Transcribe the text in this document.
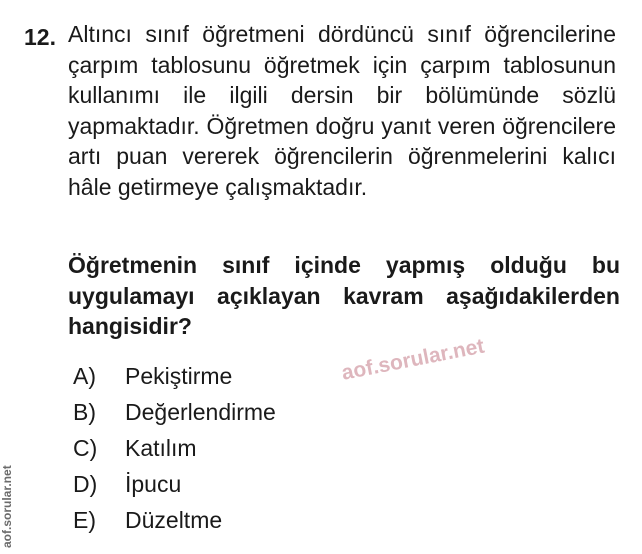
12. Altıncı sınıf öğretmeni dördüncü sınıf öğrencilerine çarpım tablosunu öğretmek için çarpım tablosunun kullanımı ile ilgili dersin bir bölümünde sözlü yapmaktadır. Öğretmen doğru yanıt veren öğrencilere artı puan vererek öğrencilerin öğrenmelerini kalıcı hâle getirmeye çalışmaktadır.
Öğretmenin sınıf içinde yapmış olduğu bu uygulamayı açıklayan kavram aşağıdakilerden hangisidir?
A)	Pekiştirme
B)	Değerlendirme
C)	Katılım
D)	İpucu
E)	Düzeltme
aof.sorular.net
aof.sorular.net
